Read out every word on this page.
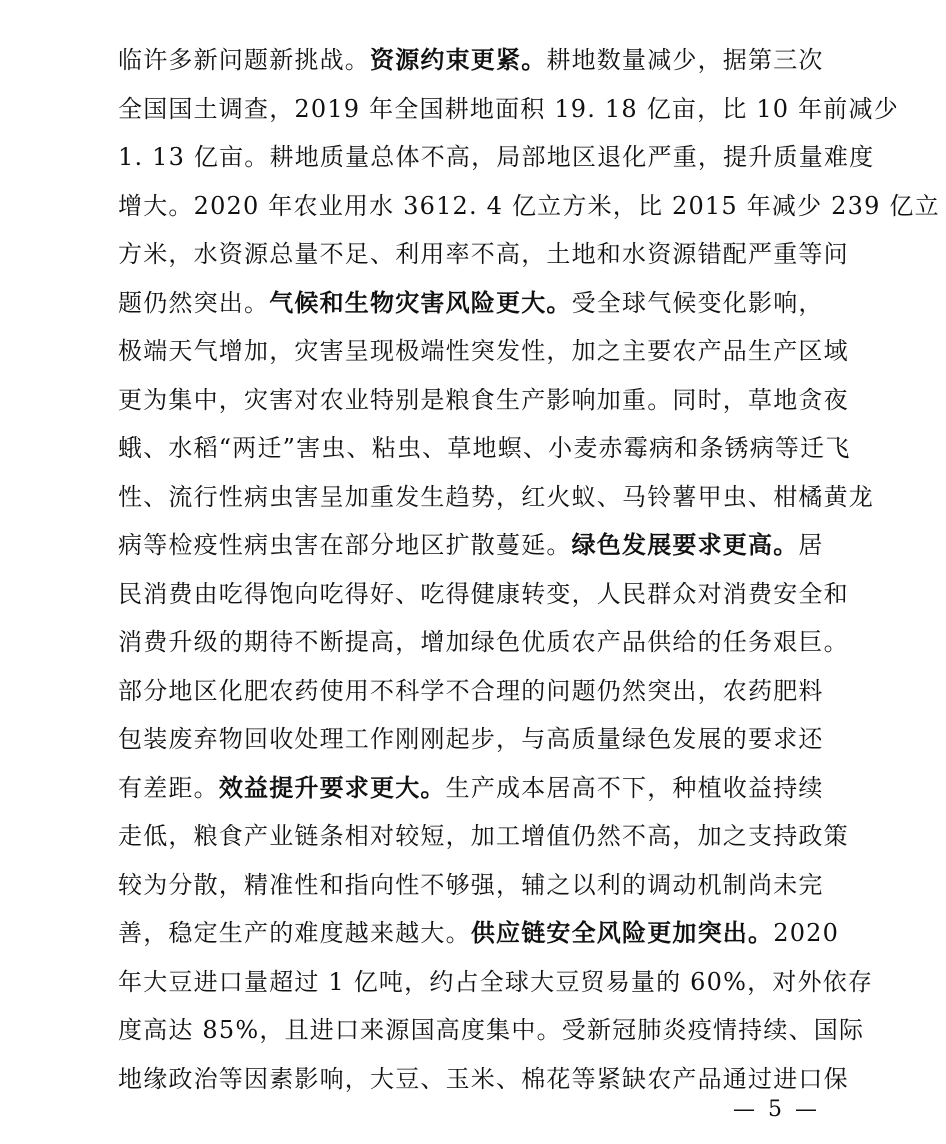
临许多新问题新挑战。资源约束更紧。耕地数量减少，据第三次
全国国土调查，2019 年全国耕地面积 19. 18 亿亩，比 10 年前减少
1. 13 亿亩。耕地质量总体不高，局部地区退化严重，提升质量难度
增大。2020 年农业用水 3612. 4 亿立方米，比 2015 年减少 239 亿立
方米，水资源总量不足、利用率不高，土地和水资源错配严重等问
题仍然突出。气候和生物灾害风险更大。受全球气候变化影响，
极端天气增加，灾害呈现极端性突发性，加之主要农产品生产区域
更为集中，灾害对农业特别是粮食生产影响加重。同时，草地贪夜
蛾、水稻“两迁”害虫、粘虫、草地螟、小麦赤霉病和条锈病等迁飞
性、流行性病虫害呈加重发生趋势，红火蚁、马铃薯甲虫、柑橘黄龙
病等检疫性病虫害在部分地区扩散蔓延。绿色发展要求更高。居
民消费由吃得饱向吃得好、吃得健康转变，人民群众对消费安全和
消费升级的期待不断提高，增加绿色优质农产品供给的任务艰巨。
部分地区化肥农药使用不科学不合理的问题仍然突出，农药肥料
包装废弃物回收处理工作刚刚起步，与高质量绿色发展的要求还
有差距。效益提升要求更大。生产成本居高不下，种植收益持续
走低，粮食产业链条相对较短，加工增值仍然不高，加之支持政策
较为分散，精准性和指向性不够强，辅之以利的调动机制尚未完
善，稳定生产的难度越来越大。供应链安全风险更加突出。2020
年大豆进口量超过 1 亿吨，约占全球大豆贸易量的 60%，对外依存
度高达 85%，且进口来源国高度集中。受新冠肺炎疫情持续、国际
地缘政治等因素影响，大豆、玉米、棉花等紧缺农产品通过进口保
— 5 —
